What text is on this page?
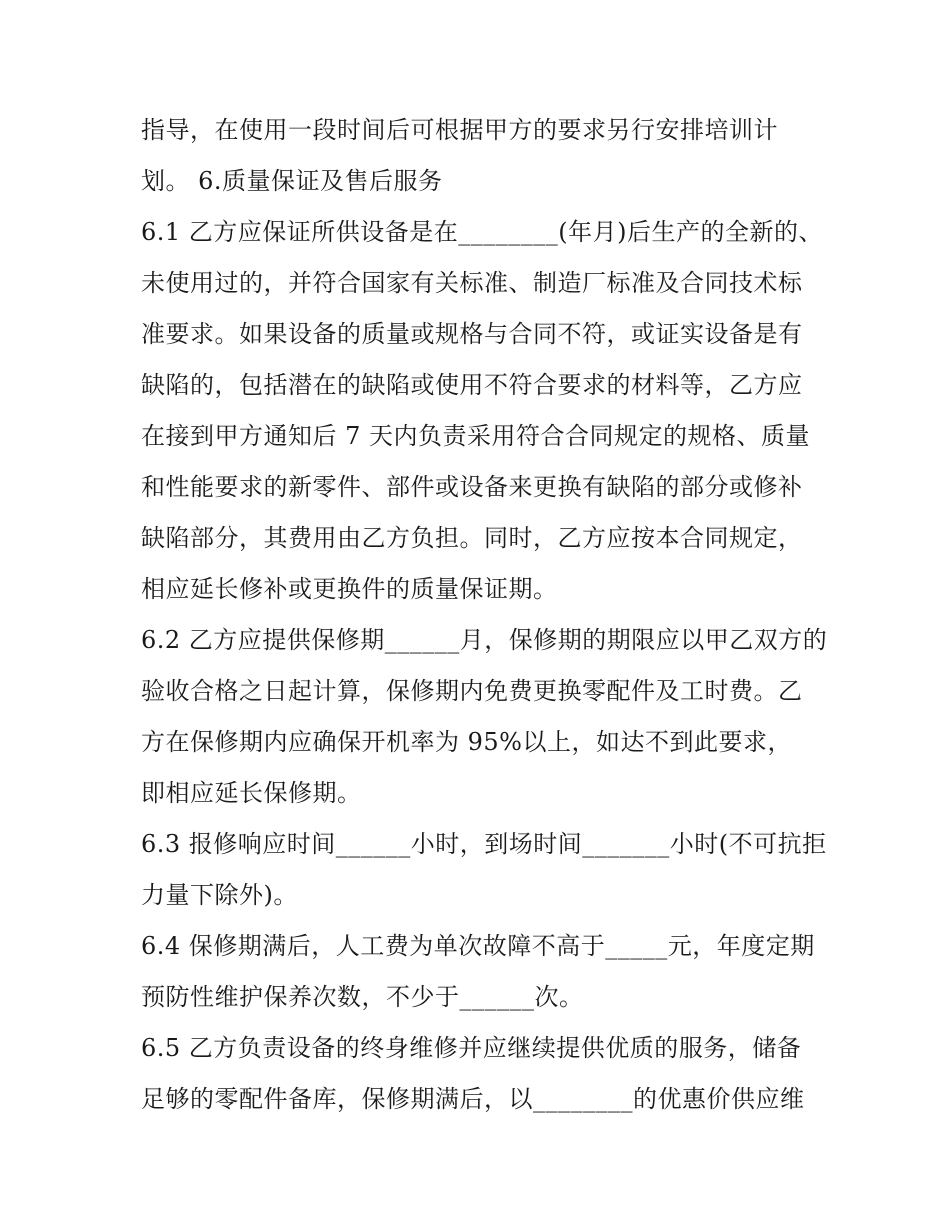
指导，在使用一段时间后可根据甲方的要求另行安排培训计
划。 6.质量保证及售后服务
6.1 乙方应保证所供设备是在________(年月)后生产的全新的、
未使用过的，并符合国家有关标准、制造厂标准及合同技术标
准要求。如果设备的质量或规格与合同不符，或证实设备是有
缺陷的，包括潜在的缺陷或使用不符合要求的材料等，乙方应
在接到甲方通知后 7 天内负责采用符合合同规定的规格、质量
和性能要求的新零件、部件或设备来更换有缺陷的部分或修补
缺陷部分，其费用由乙方负担。同时，乙方应按本合同规定，
相应延长修补或更换件的质量保证期。
6.2 乙方应提供保修期______月，保修期的期限应以甲乙双方的
验收合格之日起计算，保修期内免费更换零配件及工时费。乙
方在保修期内应确保开机率为 95%以上，如达不到此要求，
即相应延长保修期。
6.3 报修响应时间______小时，到场时间_______小时(不可抗拒
力量下除外)。
6.4 保修期满后，人工费为单次故障不高于_____元，年度定期
预防性维护保养次数，不少于______次。
6.5 乙方负责设备的终身维修并应继续提供优质的服务，储备
足够的零配件备库，保修期满后，以________的优惠价供应维
